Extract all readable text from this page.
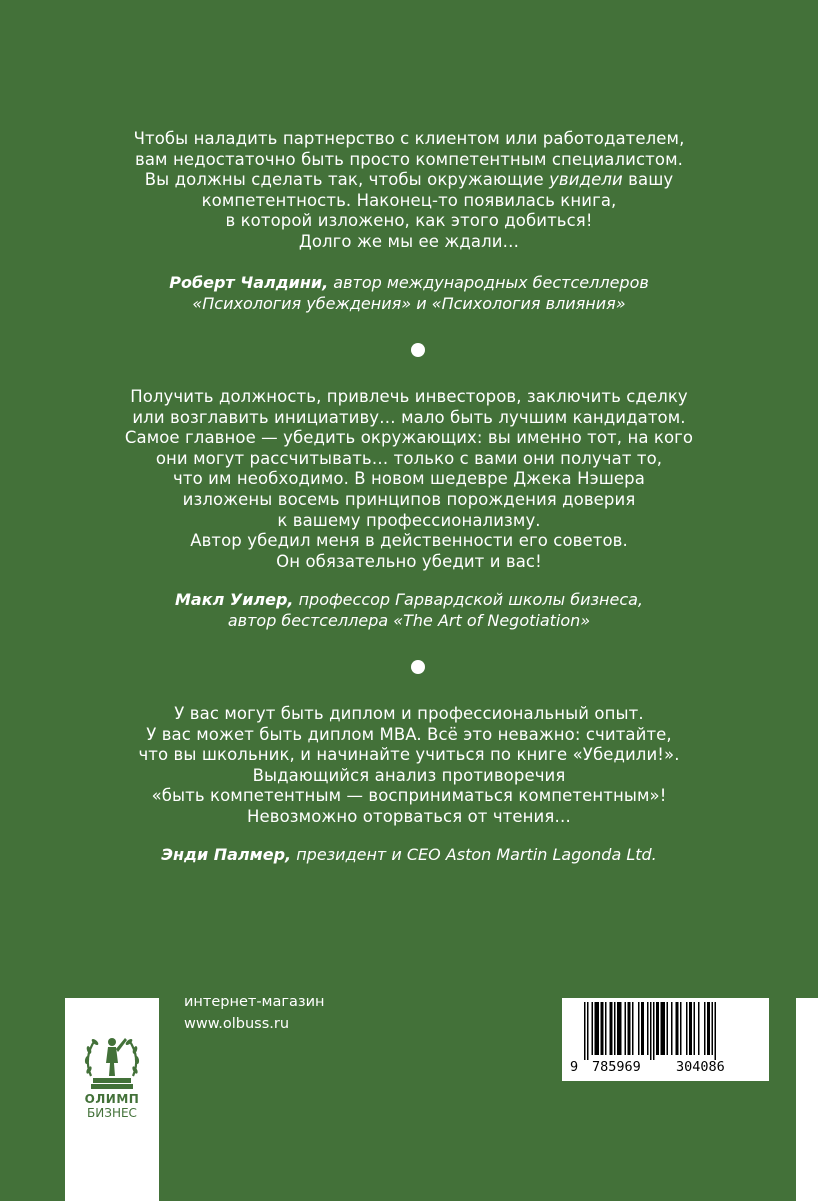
Чтобы наладить партнерство с клиентом или работодателем,
вам недостаточно быть просто компетентным специалистом.
Вы должны сделать так, чтобы окружающие увидели вашу
компетентность. Наконец-то появилась книга,
в которой изложено, как этого добиться!
Долго же мы ее ждали…
Роберт Чалдини, автор международных бестселлеров
«Психология убеждения» и «Психология влияния»
Получить должность, привлечь инвесторов, заключить сделку
или возглавить инициативу… мало быть лучшим кандидатом.
Самое главное — убедить окружающих: вы именно тот, на кого
они могут рассчитывать… только с вами они получат то,
что им необходимо. В новом шедевре Джека Нэшера
изложены восемь принципов порождения доверия
к вашему профессионализму.
Автор убедил меня в действенности его советов.
Он обязательно убедит и вас!
Макл Уилер, профессор Гарвардской школы бизнеса,
автор бестселлера «The Art of Negotiation»
У вас могут быть диплом и профессиональный опыт.
У вас может быть диплом MBA. Всё это неважно: считайте,
что вы школьник, и начинайте учиться по книге «Убедили!».
Выдающийся анализ противоречия
«быть компетентным — восприниматься компетентным»!
Невозможно оторваться от чтения…
Энди Палмер, президент и CEO Aston Martin Lagonda Ltd.
ОЛИМП
БИЗНЕС
интернет-магазин
www.olbuss.ru
9 785969	304086
